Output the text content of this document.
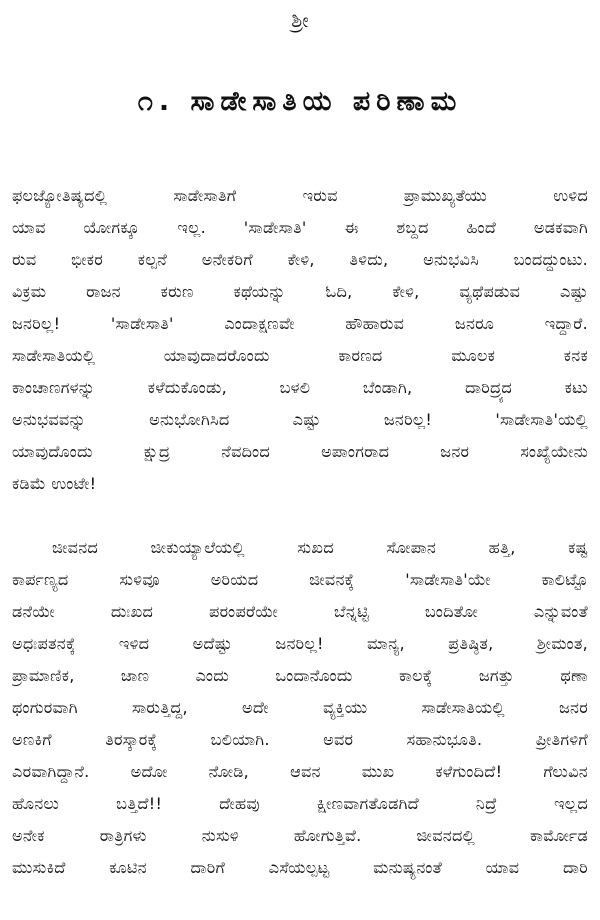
ಶ್ರೀ
೧. ಸಾಡೇಸಾತಿಯ ಪರಿಣಾಮ
ಫಲಜ್ಯೋತಿಷ್ಯದಲ್ಲಿ ಸಾಡೇಸಾತಿಗೆ ಇರುವ ಪ್ರಾಮುಖ್ಯತೆಯು ಉಳಿದ
ಯಾವ ಯೋಗಕ್ಕೂ ಇಲ್ಲ. 'ಸಾಡೇಸಾತಿ' ಈ ಶಬ್ದದ ಹಿಂದೆ ಅಡಕವಾಗಿ
ರುವ ಭೀಕರ ಕಲ್ಪನೆ ಅನೇಕರಿಗೆ ಕೇಳಿ, ತಿಳಿದು, ಅನುಭವಿಸಿ ಬಂದದ್ದುಂಟು.
ವಿಕ್ರಮ ರಾಜನ ಕರುಣ ಕಥೆಯನ್ನು ಓದಿ, ಕೇಳಿ, ವ್ಯಥೆಪಡುವ ಎಷ್ಟು
ಜನರಿಲ್ಲ! 'ಸಾಡೇಸಾತಿ' ಎಂದಾಕ್ಷಣವೇ ಹೌಹಾರುವ ಜನರೂ ಇದ್ದಾರೆ.
ಸಾಡೇಸಾತಿಯಲ್ಲಿ ಯಾವುದಾದರೊಂದು ಕಾರಣದ ಮೂಲಕ ಕನಕ
ಕಾಂಚಾಣಗಳನ್ನು ಕಳೆದುಕೊಂಡು, ಬಳಲಿ ಬೆಂಡಾಗಿ, ದಾರಿದ್ರ್ಯದ ಕಟು
ಅನುಭವವನ್ನು ಅನುಭೋಗಿಸಿದ ಎಷ್ಟು ಜನರಿಲ್ಲ! 'ಸಾಡೇಸಾತಿ'ಯಲ್ಲಿ
ಯಾವುದೊಂದು ಕ್ಷುದ್ರ ನೆವದಿಂದ ಅಪಾಂಗರಾದ ಜನರ ಸಂಖ್ಯೆಯೇನು
ಕಡಿಮೆ ಉಂಟೇ!
ಜೀವನದ ಜೀಕುಯ್ಯಾಲೆಯಲ್ಲಿ ಸುಖದ ಸೋಪಾನ ಹತ್ತಿ, ಕಷ್ಟ
ಕಾರ್ಪಣ್ಯದ ಸುಳಿವೂ ಅರಿಯದ ಜೀವನಕ್ಕೆ 'ಸಾಡೇಸಾತಿ'ಯೇ ಕಾಲಿಟ್ಟೊ
ಡನೆಯೇ ದುಃಖದ ಪರಂಪರೆಯೇ ಬೆನ್ನಟ್ಟಿ ಬಂದಿತೋ ಎನ್ನುವಂತೆ
ಅಧಃಪತನಕ್ಕೆ ಇಳಿದ ಅದೆಷ್ಟು ಜನರಿಲ್ಲ! ಮಾನ್ಯ, ಪ್ರತಿಷ್ಠಿತ, ಶ್ರೀಮಂತ,
ಪ್ರಾಮಾಣಿಕ, ಜಾಣ ಎಂದು ಒಂದಾನೊಂದು ಕಾಲಕ್ಕೆ ಜಗತ್ತು ಥಣಾ
ಥಂಗುರವಾಗಿ ಸಾರುತ್ತಿದ್ದ, ಅದೇ ವ್ಯಕ್ತಿಯು ಸಾಡೇಸಾತಿಯಲ್ಲಿ ಜನರ
ಅಣಕಿಗೆ ತಿರಸ್ಕಾರಕ್ಕೆ ಬಲಿಯಾಗಿ. ಅವರ ಸಹಾನುಭೂತಿ. ಪ್ರೀತಿಗಳಿಗೆ
ಎರವಾಗಿದ್ದಾನೆ. ಅದೋ ನೋಡಿ, ಆವನ ಮುಖ ಕಳೆಗುಂದಿದೆ! ಗೆಲುವಿನ
ಹೊನಲು ಬತ್ತಿದೆ!! ದೇಹವು ಕ್ಷೀಣವಾಗತೊಡಗಿದೆ ನಿದ್ರೆ ಇಲ್ಲದ
ಅನೇಕ ರಾತ್ರಿಗಳು ನುಸುಳಿ ಹೋಗುತ್ತಿವೆ. ಜೀವನದಲ್ಲಿ ಕಾರ್ಮೋಡ
ಮುಸುಕಿದೆ ಕೂಟಿನ ದಾರಿಗೆ ಎಸೆಯಲ್ಪಟ್ಟ ಮನುಷ್ಯನಂತೆ ಯಾವ ದಾರಿ
